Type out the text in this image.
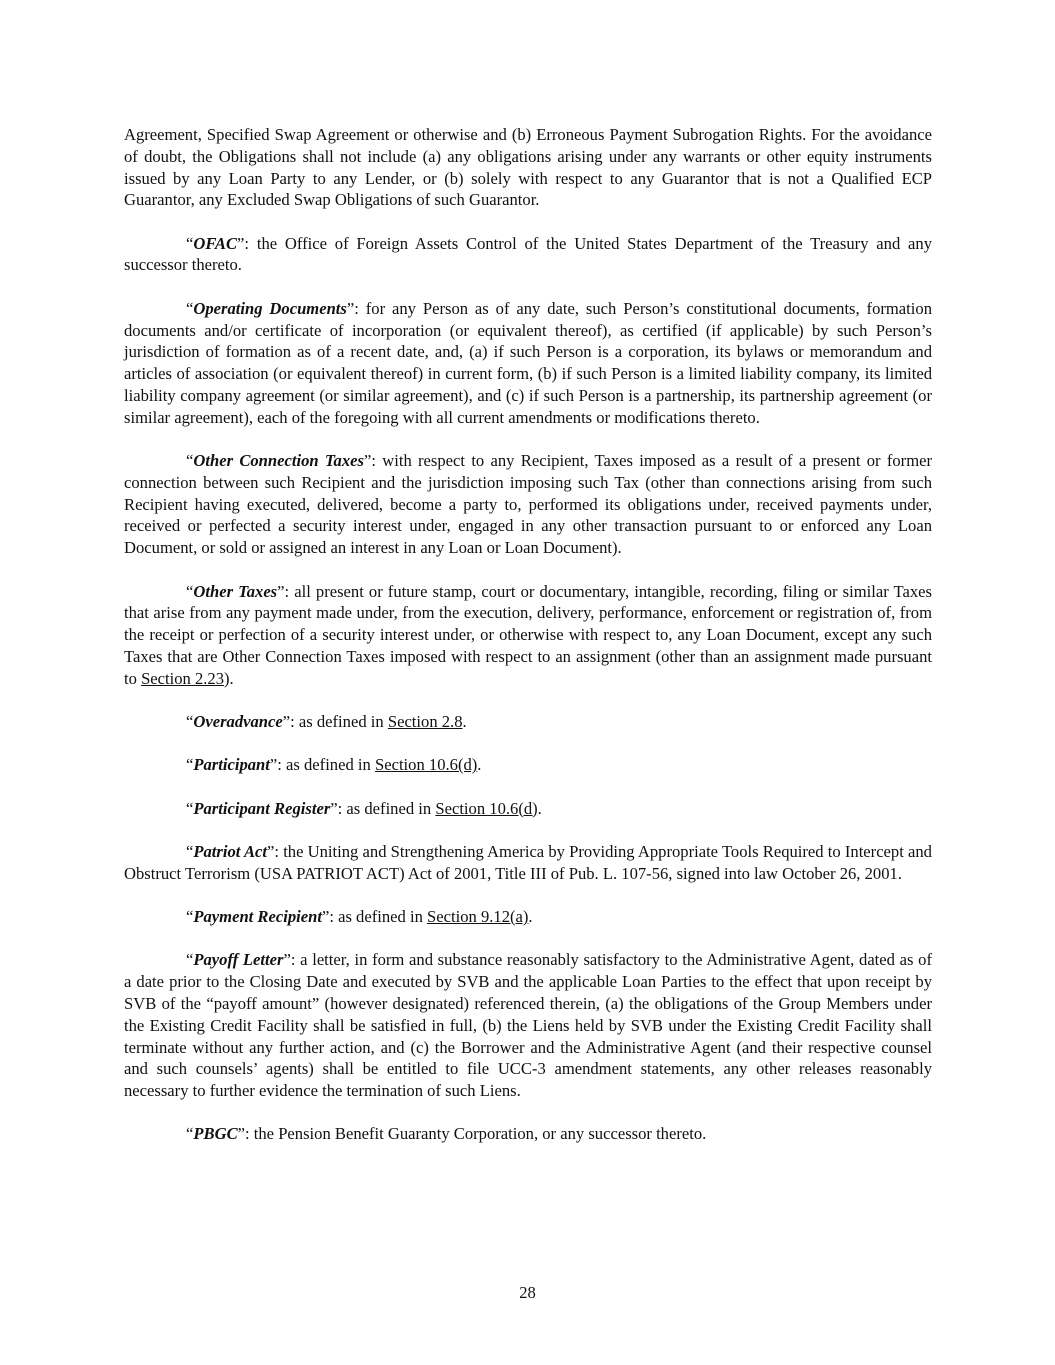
Agreement, Specified Swap Agreement or otherwise and (b) Erroneous Payment Subrogation Rights. For the avoidance of doubt, the Obligations shall not include (a) any obligations arising under any warrants or other equity instruments issued by any Loan Party to any Lender, or (b) solely with respect to any Guarantor that is not a Qualified ECP Guarantor, any Excluded Swap Obligations of such Guarantor.

“OFAC”: the Office of Foreign Assets Control of the United States Department of the Treasury and any successor thereto.

“Operating Documents”: for any Person as of any date, such Person’s constitutional documents, formation documents and/or certificate of incorporation (or equivalent thereof), as certified (if applicable) by such Person’s jurisdiction of formation as of a recent date, and, (a) if such Person is a corporation, its bylaws or memorandum and articles of association (or equivalent thereof) in current form, (b) if such Person is a limited liability company, its limited liability company agreement (or similar agreement), and (c) if such Person is a partnership, its partnership agreement (or similar agreement), each of the foregoing with all current amendments or modifications thereto.

“Other Connection Taxes”: with respect to any Recipient, Taxes imposed as a result of a present or former connection between such Recipient and the jurisdiction imposing such Tax (other than connections arising from such Recipient having executed, delivered, become a party to, performed its obligations under, received payments under, received or perfected a security interest under, engaged in any other transaction pursuant to or enforced any Loan Document, or sold or assigned an interest in any Loan or Loan Document).

“Other Taxes”: all present or future stamp, court or documentary, intangible, recording, filing or similar Taxes that arise from any payment made under, from the execution, delivery, performance, enforcement or registration of, from the receipt or perfection of a security interest under, or otherwise with respect to, any Loan Document, except any such Taxes that are Other Connection Taxes imposed with respect to an assignment (other than an assignment made pursuant to Section 2.23).

“Overadvance”: as defined in Section 2.8.

“Participant”: as defined in Section 10.6(d).

“Participant Register”: as defined in Section 10.6(d).

“Patriot Act”: the Uniting and Strengthening America by Providing Appropriate Tools Required to Intercept and Obstruct Terrorism (USA PATRIOT ACT) Act of 2001, Title III of Pub. L. 107-56, signed into law October 26, 2001.

“Payment Recipient”: as defined in Section 9.12(a).

“Payoff Letter”: a letter, in form and substance reasonably satisfactory to the Administrative Agent, dated as of a date prior to the Closing Date and executed by SVB and the applicable Loan Parties to the effect that upon receipt by SVB of the “payoff amount” (however designated) referenced therein, (a) the obligations of the Group Members under the Existing Credit Facility shall be satisfied in full, (b) the Liens held by SVB under the Existing Credit Facility shall terminate without any further action, and (c) the Borrower and the Administrative Agent (and their respective counsel and such counsels’ agents) shall be entitled to file UCC-3 amendment statements, any other releases reasonably necessary to further evidence the termination of such Liens.

“PBGC”: the Pension Benefit Guaranty Corporation, or any successor thereto.

28
